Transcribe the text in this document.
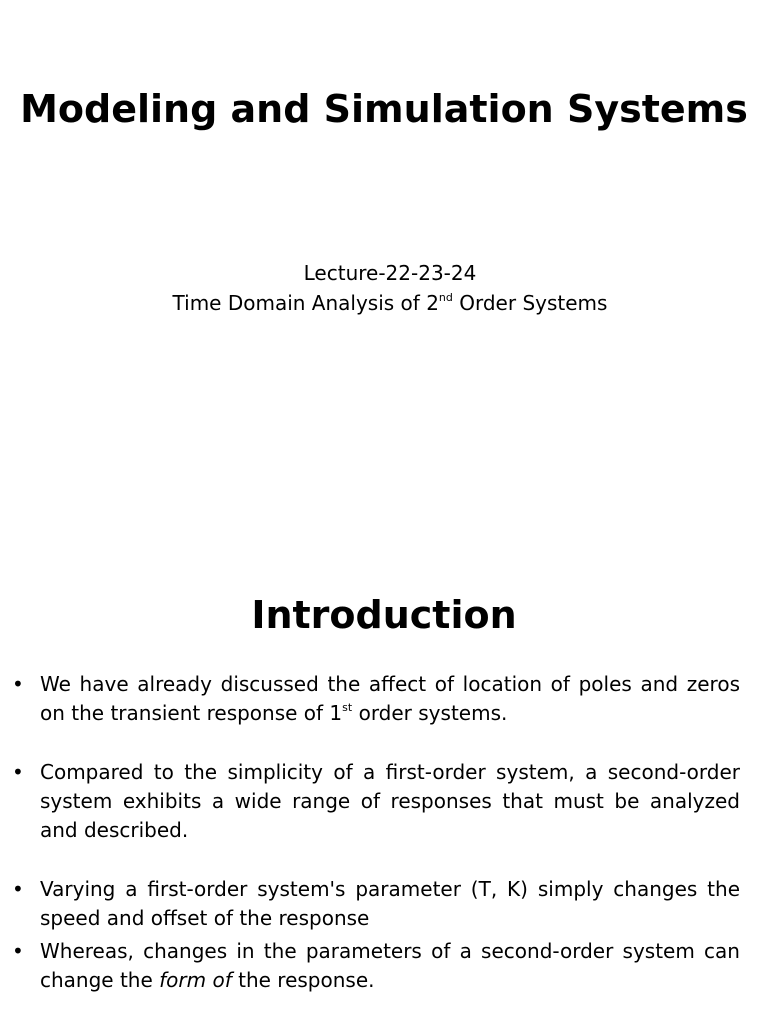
Modeling and Simulation Systems
Lecture-22-23-24
Time Domain Analysis of 2nd Order Systems
Introduction
• We have already discussed the affect of location of poles and zeros on the transient response of 1st order systems.
• Compared to the simplicity of a first-order system, a second-order system exhibits a wide range of responses that must be analyzed and described.
• Varying a first-order system's parameter (T, K) simply changes the speed and offset of the response
• Whereas, changes in the parameters of a second-order system can change the form of the response.
